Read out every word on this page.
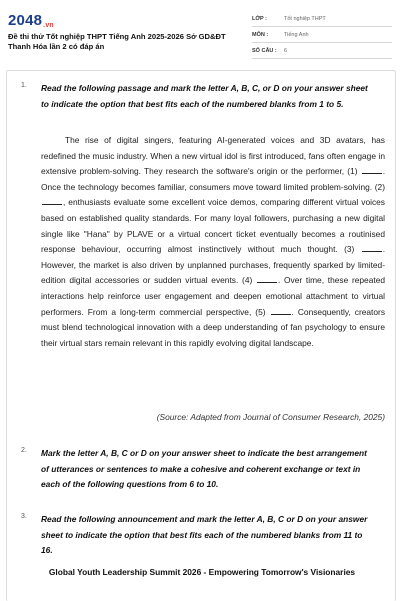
2048.vn
Đề thi thử Tốt nghiệp THPT Tiếng Anh 2025-2026 Sở GD&ĐT Thanh Hóa lần 2 có đáp án
LỚP :	Tốt nghiệp THPT
MÔN :	Tiếng Anh
SỐ CÂU : 6
1. Read the following passage and mark the letter A, B, C, or D on your answer sheet to indicate the option that best fits each of the numbered blanks from 1 to 5.

The rise of digital singers, featuring AI-generated voices and 3D avatars, has redefined the music industry. When a new virtual idol is first introduced, fans often engage in extensive problem-solving. They research the software's origin or the performer, (1)	. Once the technology becomes familiar, consumers move toward limited problem-solving. (2) , enthusiasts evaluate some excellent voice demos, comparing different virtual voices based on established quality standards. For many loyal followers, purchasing a new digital single like "Hana" by PLAVE or a virtual concert ticket eventually becomes a routinised response behaviour, occurring almost instinctively without much thought. (3)	. However, the market is also driven by unplanned purchases, frequently sparked by limited-edition digital accessories or sudden virtual events. (4)	. Over time, these repeated interactions help reinforce user engagement and deepen emotional attachment to virtual performers. From a long-term commercial perspective, (5)	. Consequently, creators must blend technological innovation with a deep understanding of fan psychology to ensure their virtual stars remain relevant in this rapidly evolving digital landscape.

(Source: Adapted from Journal of Consumer Research, 2025)
2. Mark the letter A, B, C or D on your answer sheet to indicate the best arrangement of utterances or sentences to make a cohesive and coherent exchange or text in each of the following questions from 6 to 10.
3. Read the following announcement and mark the letter A, B, C or D on your answer sheet to indicate the option that best fits each of the numbered blanks from 11 to 16.
Global Youth Leadership Summit 2026 - Empowering Tomorrow's Visionaries
